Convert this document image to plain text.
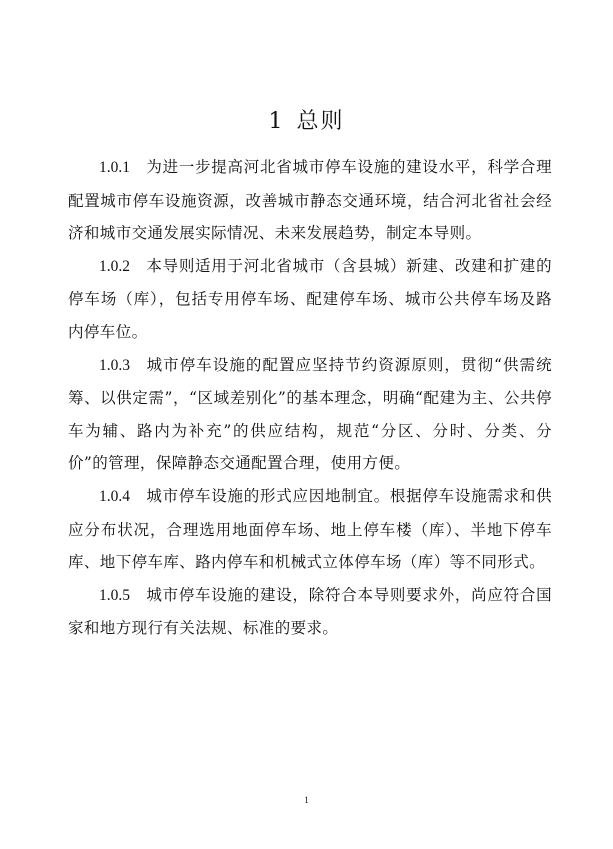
1 总则

1.0.1 为进一步提高河北省城市停车设施的建设水平，科学合理配置城市停车设施资源，改善城市静态交通环境，结合河北省社会经济和城市交通发展实际情况、未来发展趋势，制定本导则。

1.0.2 本导则适用于河北省城市（含县城）新建、改建和扩建的停车场（库），包括专用停车场、配建停车场、城市公共停车场及路内停车位。

1.0.3 城市停车设施的配置应坚持节约资源原则，贯彻“供需统筹、以供定需”，“区域差别化”的基本理念，明确“配建为主、公共停车为辅、路内为补充”的供应结构，规范“分区、分时、分类、分价”的管理，保障静态交通配置合理，使用方便。

1.0.4 城市停车设施的形式应因地制宜。根据停车设施需求和供应分布状况，合理选用地面停车场、地上停车楼（库）、半地下停车库、地下停车库、路内停车和机械式立体停车场（库）等不同形式。

1.0.5 城市停车设施的建设，除符合本导则要求外，尚应符合国家和地方现行有关法规、标准的要求。

1
